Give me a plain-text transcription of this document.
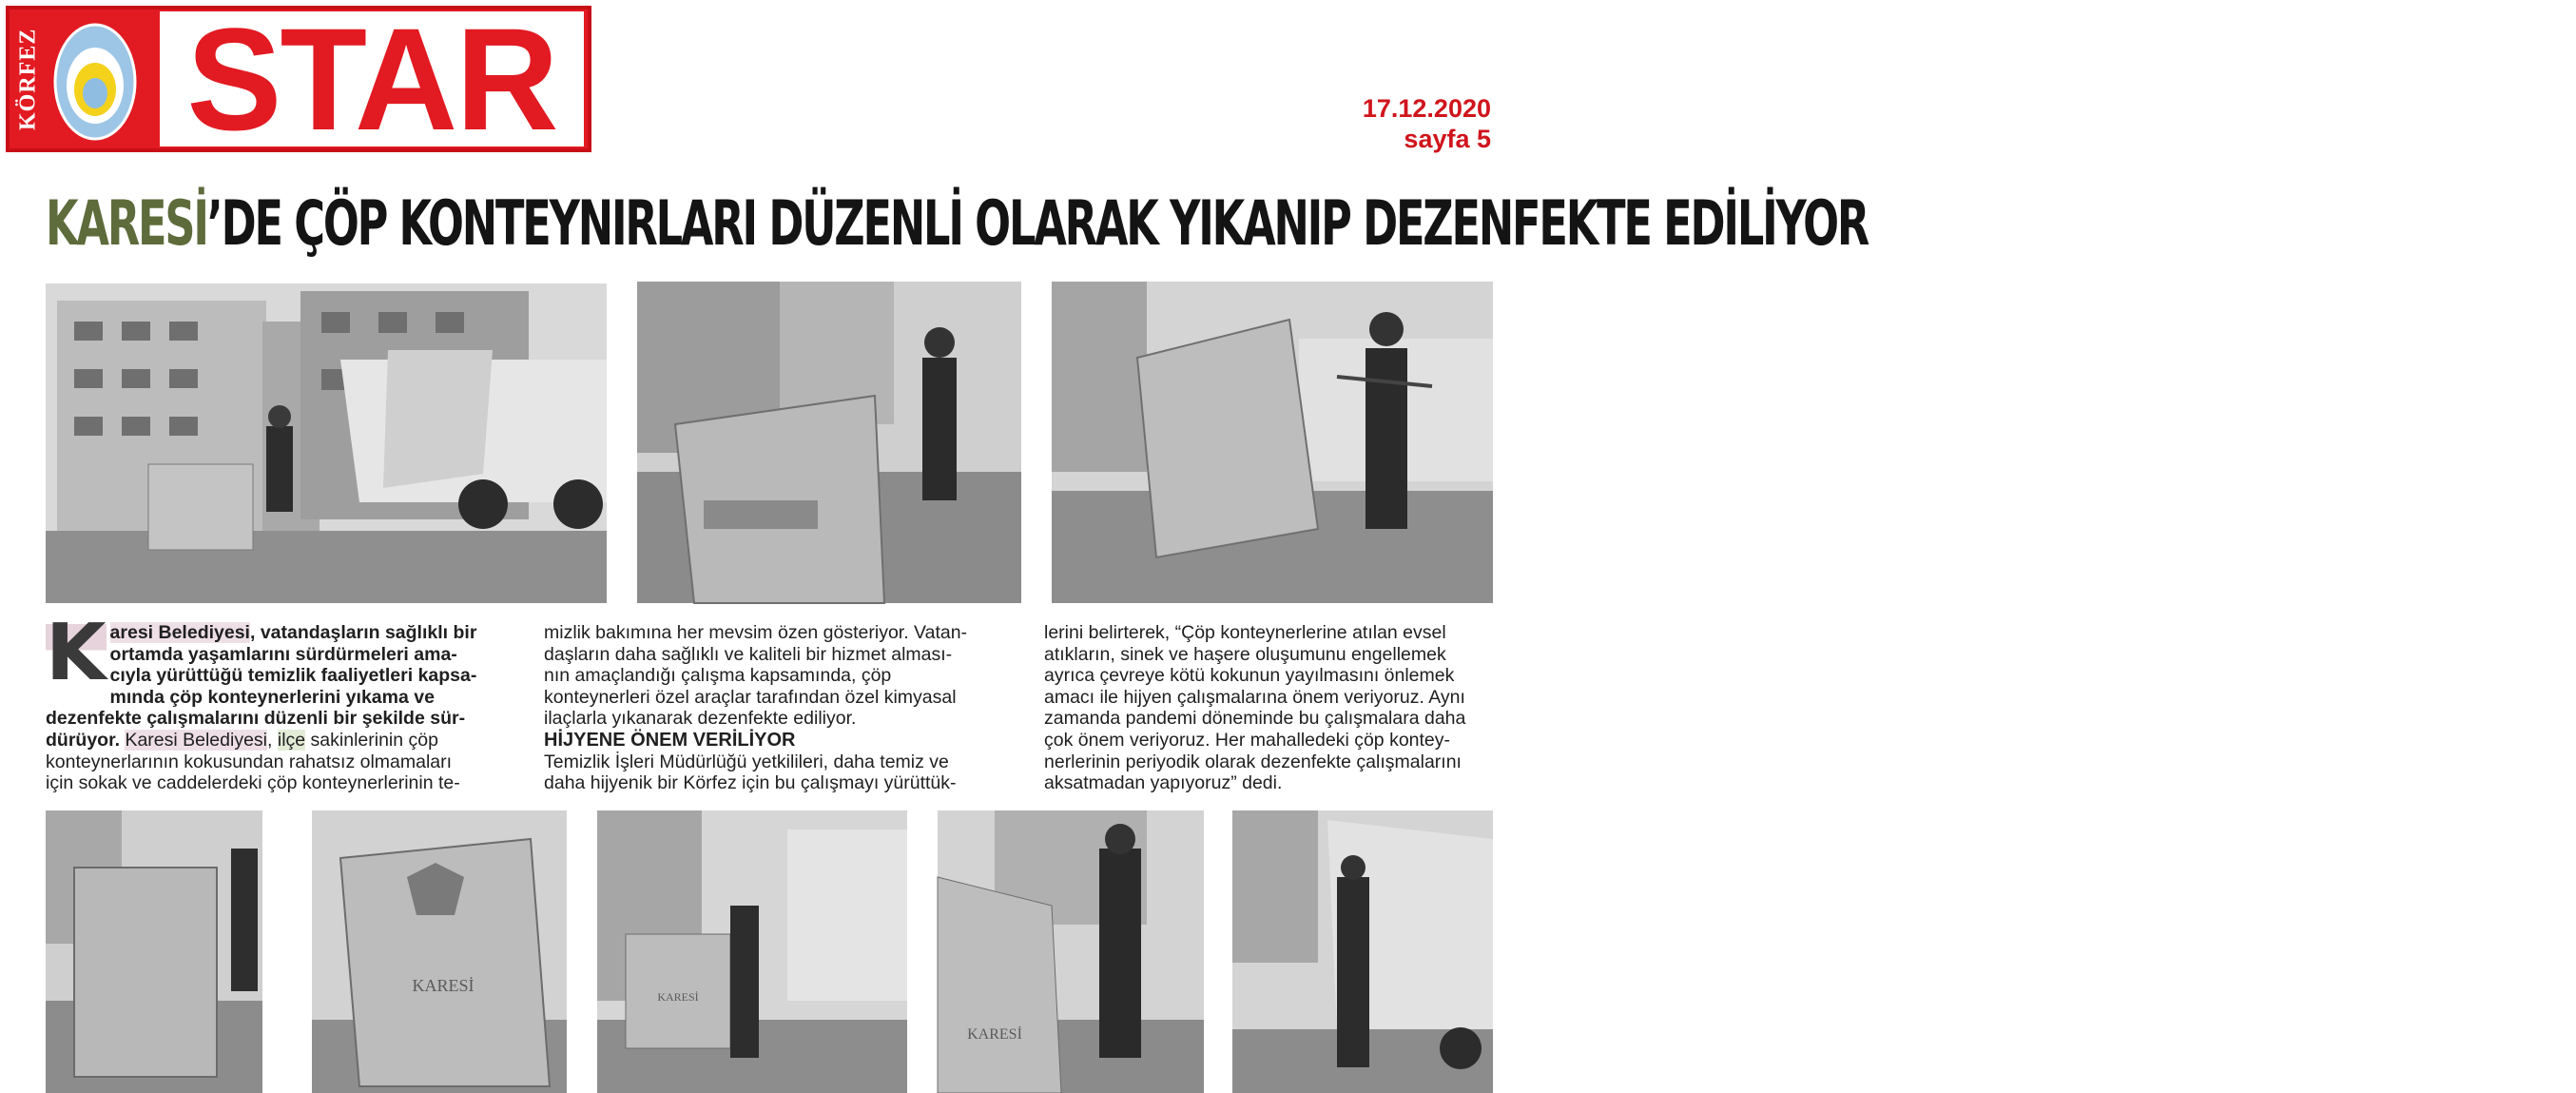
KÖRFEZ STAR	17.12.2020
sayfa 5
KARESİ’DE ÇÖP KONTEYNIRLARI DÜZENLİ OLARAK YIKANIP DEZENFEKTE EDİLİYOR
K aresi Belediyesi, vatandaşların sağlıklı bir
ortamda yaşamlarını sürdürmeleri ama-
cıyla yürüttüğü temizlik faaliyetleri kapsa-
mında çöp konteynerlerini yıkama ve
dezenfekte çalışmalarını düzenli bir şekilde sür-
dürüyor. Karesi Belediyesi, ilçe sakinlerinin çöp
konteynerlarının kokusundan rahatsız olmamaları
için sokak ve caddelerdeki çöp konteynerlerinin te-
mizlik bakımına her mevsim özen gösteriyor. Vatan-
daşların daha sağlıklı ve kaliteli bir hizmet alması-
nın amaçlandığı çalışma kapsamında, çöp
konteynerleri özel araçlar tarafından özel kimyasal
ilaçlarla yıkanarak dezenfekte ediliyor.
HİJYENE ÖNEM VERİLİYOR
Temizlik İşleri Müdürlüğü yetkilileri, daha temiz ve
daha hijyenik bir Körfez için bu çalışmayı yürüttük-
lerini belirterek, “Çöp konteynerlerine atılan evsel
atıkların, sinek ve haşere oluşumunu engellemek
ayrıca çevreye kötü kokunun yayılmasını önlemek
amacı ile hijyen çalışmalarına önem veriyoruz. Aynı
zamanda pandemi döneminde bu çalışmalara daha
çok önem veriyoruz. Her mahalledeki çöp kontey-
nerlerinin periyodik olarak dezenfekte çalışmalarını
aksatmadan yapıyoruz” dedi.
KARESİ
KARESİ
KARESİ
